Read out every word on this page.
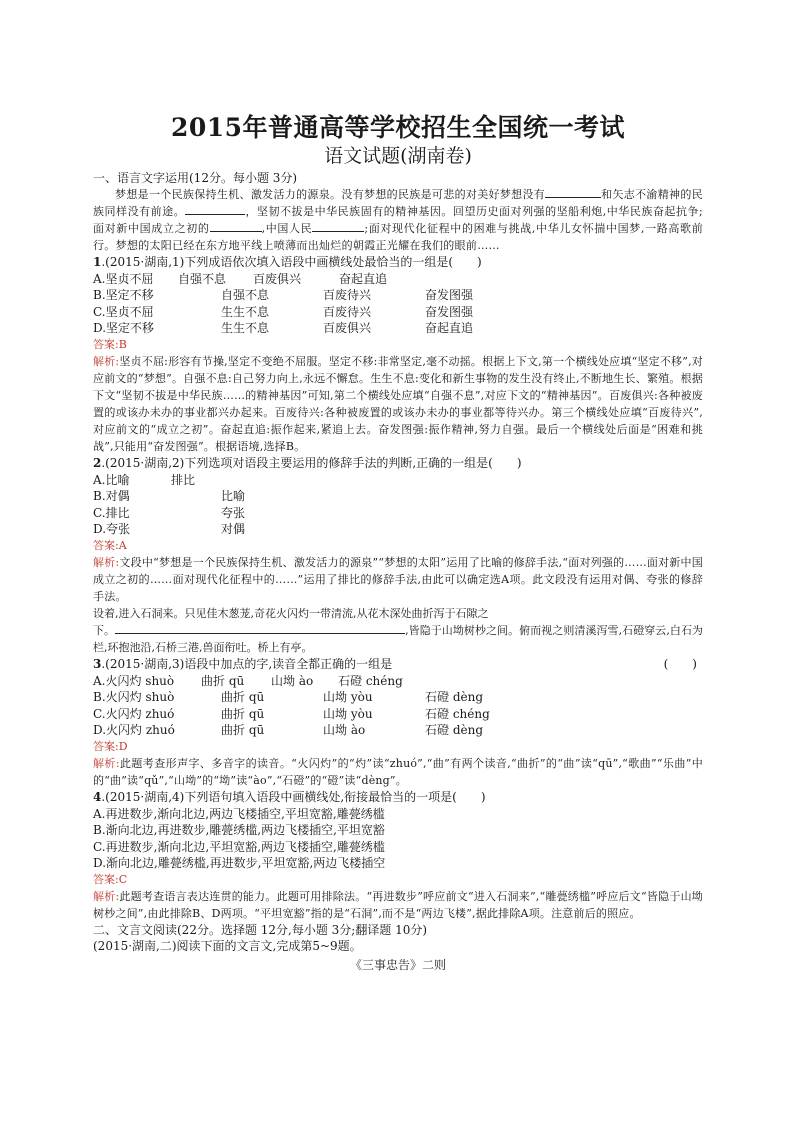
2015年普通高等学校招生全国统一考试

语文试题(湖南卷)

一、语言文字运用(12分。每小题 3分)

梦想是一个民族保持生机、激发活力的源泉。没有梦想的民族是可悲的对美好梦想没有	和矢志不渝精神的民族同样没有前途。	，坚韧不拔是中华民族固有的精神基因。回望历史面对列强的坚船利炮,中华民族奋起抗争;面对新中国成立之初的	,中国人民	;面对现代化征程中的困难与挑战,中华儿女怀揣中国梦,一路高歌前行。梦想的太阳已经在东方地平线上喷薄而出灿烂的朝霞正光耀在我们的眼前……

1.(2015·湖南,1)下列成语依次填入语段中画横线处最恰当的一组是(　　)
A.坚贞不屈	自强不息	百废俱兴	奋起直追
B.坚定不移	自强不息	百废待兴	奋发图强
C.坚贞不屈	生生不息	百废待兴	奋发图强
D.坚定不移	生生不息	百废俱兴	奋起直追

答案:B

解析:坚贞不屈:形容有节操,坚定不变绝不屈服。坚定不移:非常坚定,毫不动摇。根据上下文,第一个横线处应填“坚定不移”,对应前文的“梦想”。自强不息:自己努力向上,永远不懈怠。生生不息:变化和新生事物的发生没有终止,不断地生长、繁殖。根据下文“坚韧不拔是中华民族……的精神基因”可知,第二个横线处应填“自强不息”,对应下文的“精神基因”。百废俱兴:各种被废置的或该办未办的事业都兴办起来。百废待兴:各种被废置的或该办未办的事业都等待兴办。第三个横线处应填“百废待兴”,对应前文的“成立之初”。奋起直追:振作起来,紧追上去。奋发图强:振作精神,努力自强。最后一个横线处后面是“困难和挑战”,只能用“奋发图强”。根据语境,选择B。

2.(2015·湖南,2)下列选项对语段主要运用的修辞手法的判断,正确的一组是(　　)
A.比喻	排比
B.对偶	比喻
C.排比	夸张
D.夸张	对偶

答案:A

解析:文段中“梦想是一个民族保持生机、激发活力的源泉”“梦想的太阳”运用了比喻的修辞手法,“面对列强的……面对新中国成立之初的……面对现代化征程中的……”运用了排比的修辞手法,由此可以确定选A项。此文段没有运用对偶、夸张的修辞手法。

设着,进入石洞来。只见佳木葱茏,奇花火闪灼一带清流,从花木深处曲折泻于石隙之
下。	,皆隐于山坳树杪之间。俯而视之则清溪泻雪,石磴穿云,白石为栏,环抱池沿,石桥三港,兽面衔吐。桥上有亭。

3.(2015·湖南,3)语段中加点的字,读音全都正确的一组是	(　　)
A.火闪灼 shuò	曲折 qū	山坳 ào	石磴 chéng
B.火闪灼 shuò	曲折 qū	山坳 yòu	石磴 dèng
C.火闪灼 zhuó	曲折 qū	山坳 yòu	石磴 chéng
D.火闪灼 zhuó	曲折 qū	山坳 ào	石磴 dèng

答案:D

解析:此题考查形声字、多音字的读音。“火闪灼”的“灼”读“zhuó”,“曲”有两个读音,“曲折”的“曲”读“qū”,“歌曲”“乐曲”中的“曲”读“qǔ”,“山坳”的“坳”读“ào”,“石磴”的“磴”读“dèng”。

4.(2015·湖南,4)下列语句填入语段中画横线处,衔接最恰当的一项是(　　)
A.再进数步,渐向北边,两边飞楼插空,平坦宽豁,雕甍绣槛
B.渐向北边,再进数步,雕甍绣槛,两边飞楼插空,平坦宽豁
C.再进数步,渐向北边,平坦宽豁,两边飞楼插空,雕甍绣槛
D.渐向北边,雕甍绣槛,再进数步,平坦宽豁,两边飞楼插空

答案:C

解析:此题考查语言表达连贯的能力。此题可用排除法。“再进数步”呼应前文“进入石洞来”,“雕甍绣槛”呼应后文“皆隐于山坳树杪之间”,由此排除B、D两项。“平坦宽豁”指的是“石洞”,而不是“两边飞楼”,据此排除A项。注意前后的照应。

二、文言文阅读(22分。选择题 12分,每小题 3分;翻译题 10分)

(2015·湖南,二)阅读下面的文言文,完成第5~9题。

《三事忠告》二则
